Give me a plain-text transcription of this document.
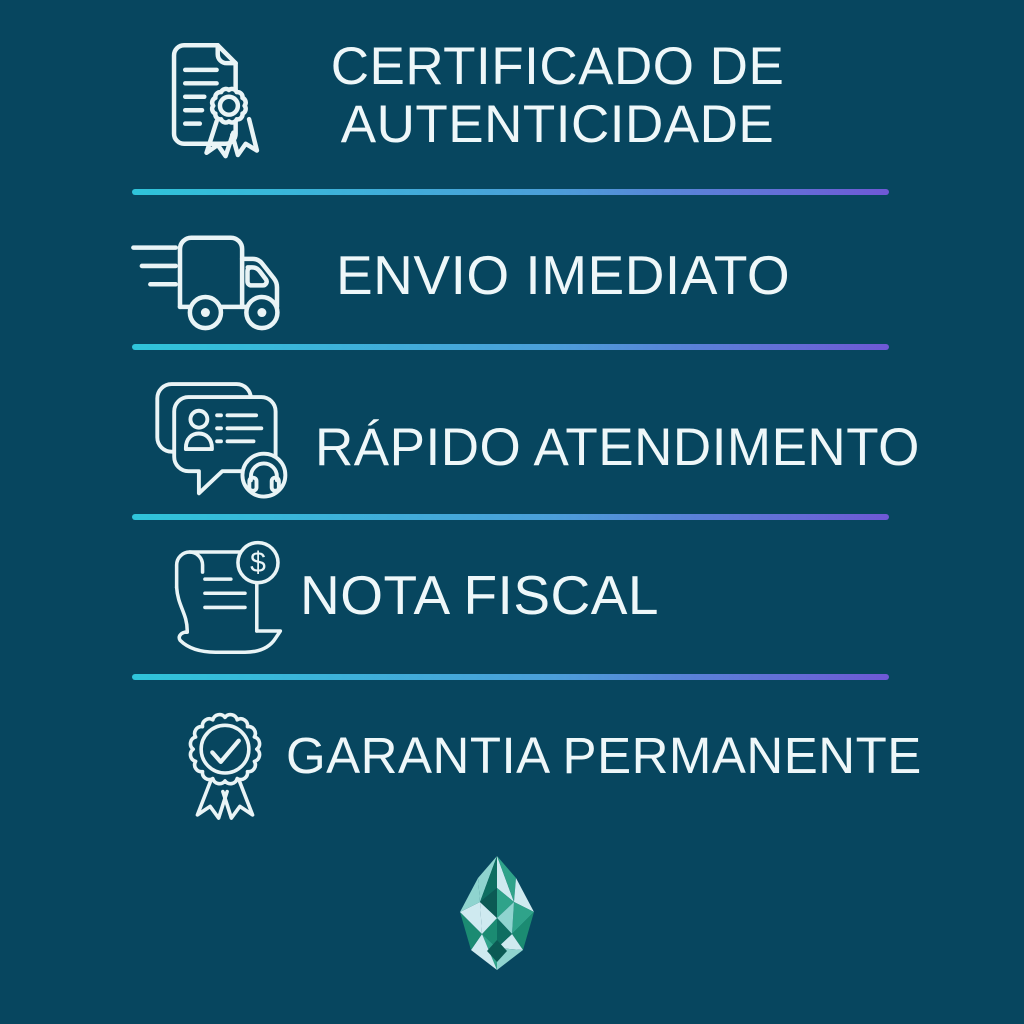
CERTIFICADO DE
AUTENTICIDADE
ENVIO IMEDIATO
RÁPIDO ATENDIMENTO
$
NOTA FISCAL
GARANTIA PERMANENTE
